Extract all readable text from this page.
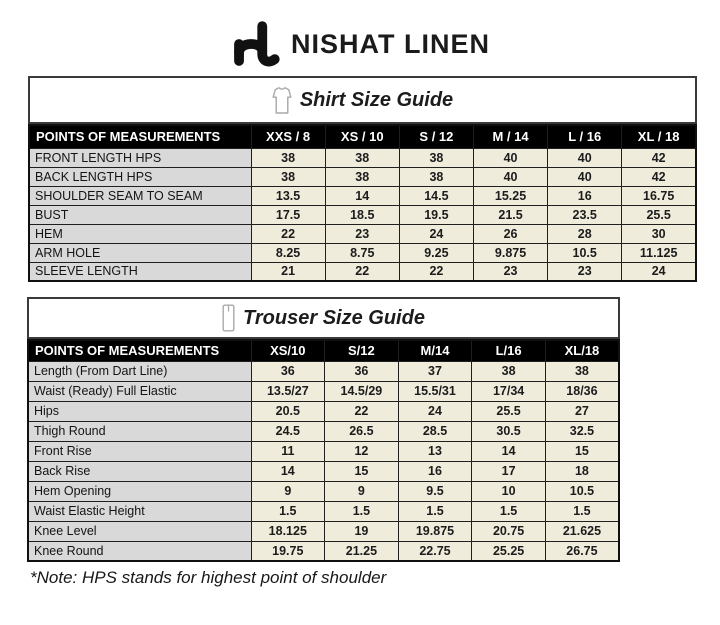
NISHAT LINEN
Shirt Size Guide
POINTS OF MEASUREMENTS	XXS / 8	XS / 10	S / 12	M / 14	L / 16	XL / 18
FRONT LENGTH HPS	38	38	38	40	40	42
BACK LENGTH HPS	38	38	38	40	40	42
SHOULDER SEAM TO SEAM	13.5	14	14.5	15.25	16	16.75
BUST	17.5	18.5	19.5	21.5	23.5	25.5
HEM	22	23	24	26	28	30
ARM HOLE	8.25	8.75	9.25	9.875	10.5	11.125
SLEEVE LENGTH	21	22	22	23	23	24
Trouser Size Guide
POINTS OF MEASUREMENTS	XS/10	S/12	M/14	L/16	XL/18
Length (From Dart Line)	36	36	37	38	38
Waist (Ready) Full Elastic	13.5/27	14.5/29	15.5/31	17/34	18/36
Hips	20.5	22	24	25.5	27
Thigh Round	24.5	26.5	28.5	30.5	32.5
Front Rise	11	12	13	14	15
Back Rise	14	15	16	17	18
Hem Opening	9	9	9.5	10	10.5
Waist Elastic Height	1.5	1.5	1.5	1.5	1.5
Knee Level	18.125	19	19.875	20.75	21.625
Knee Round	19.75	21.25	22.75	25.25	26.75

*Note: HPS stands for highest point of shoulder
